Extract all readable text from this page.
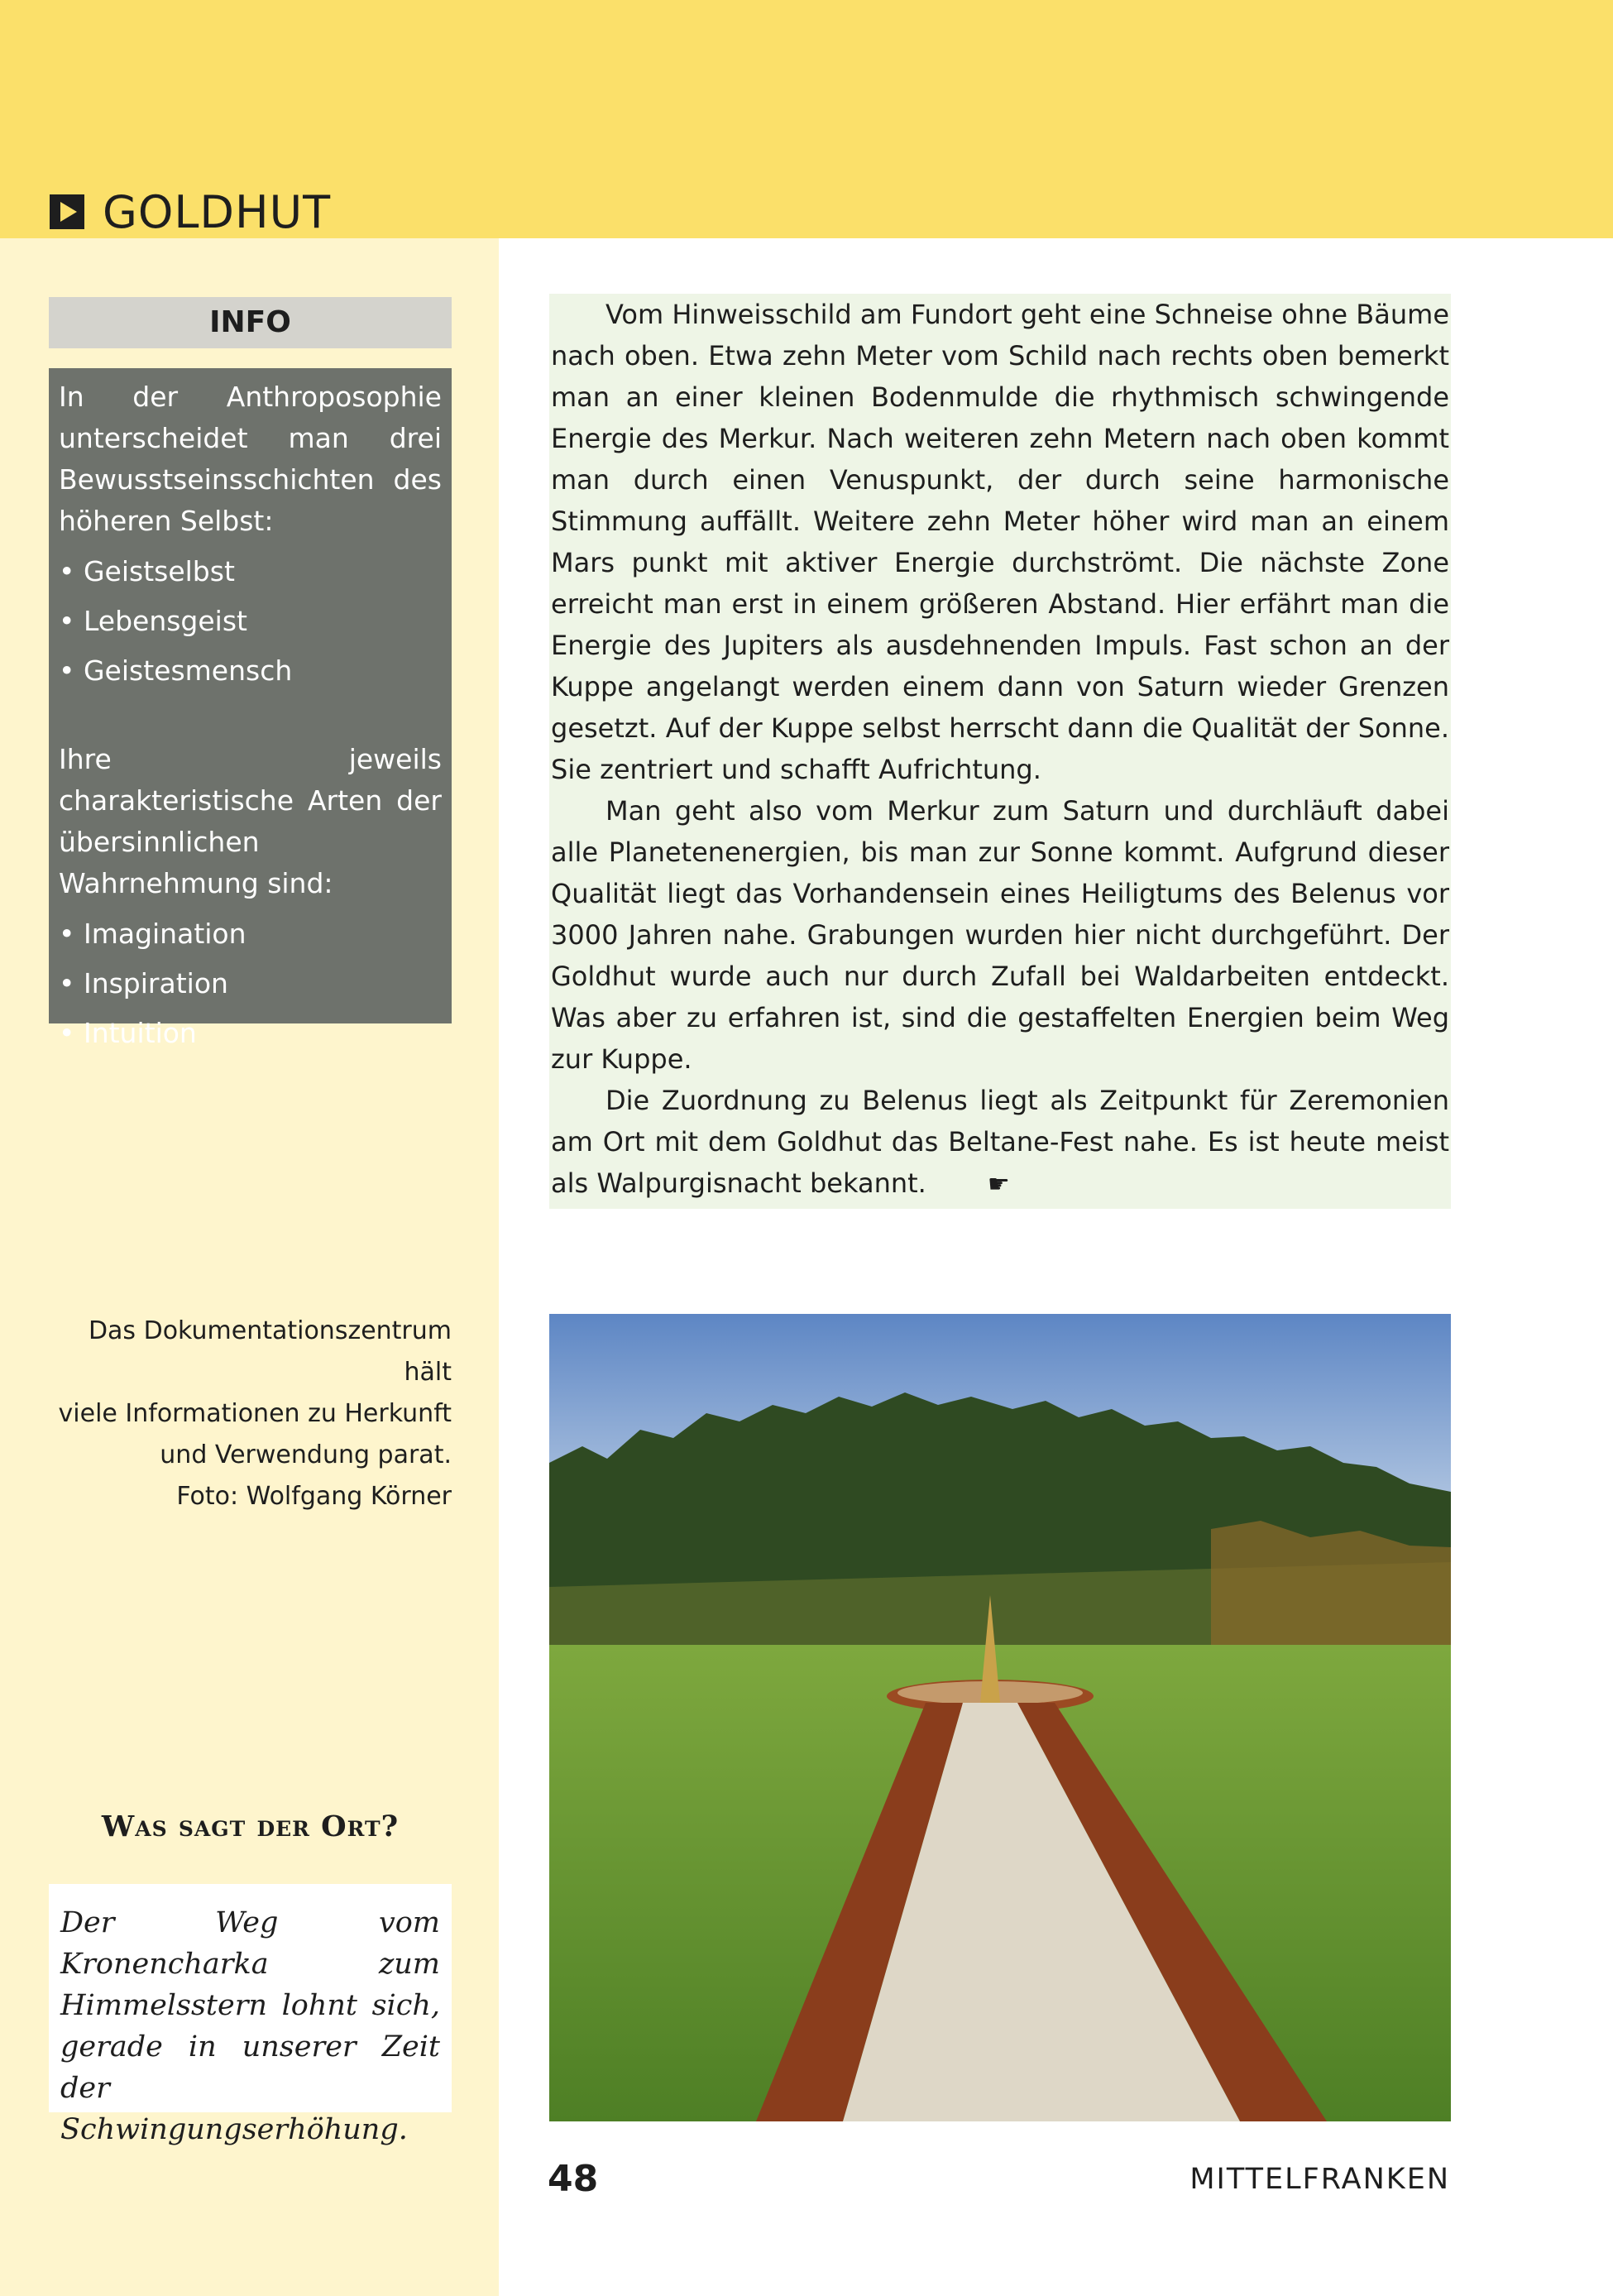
GOLDHUT
INFO

In der Anthroposophie unterscheidet man drei Bewusstseinsschichten des höheren Selbst:

• Geistselbst
• Lebensgeist
• Geistesmensch

Ihre jeweils charakteristische Arten der übersinnlichen Wahrnehmung sind:

• Imagination
• Inspiration
• Intuition
Das Dokumentationszentrum hält
viele Informationen zu Herkunft
und Verwendung parat.
Foto: Wolfgang Körner
Was sagt der Ort?

Der Weg vom Kronencharka zum Himmelsstern lohnt sich, gerade in unserer Zeit der Schwingungserhöhung.

Vom Hinweisschild am Fundort geht eine Schneise ohne Bäume nach oben. Etwa zehn Meter vom Schild nach rechts oben bemerkt man an einer kleinen Bodenmulde die rhythmisch schwingende Energie des Merkur. Nach weiteren zehn Metern nach oben kommt man durch einen Venuspunkt, der durch seine harmonische Stimmung auffällt. Weitere zehn Meter höher wird man an einem Mars punkt mit aktiver Energie durchströmt. Die nächste Zone erreicht man erst in einem größeren Abstand. Hier erfährt man die Energie des Jupiters als ausdehnenden Impuls. Fast schon an der Kuppe angelangt werden einem dann von Saturn wieder Grenzen gesetzt. Auf der Kuppe selbst herrscht dann die Qualität der Sonne. Sie zentriert und schafft Aufrichtung.

Man geht also vom Merkur zum Saturn und durchläuft dabei alle Planetenenergien, bis man zur Sonne kommt. Aufgrund dieser Qualität liegt das Vorhandensein eines Heiligtums des Belenus vor 3000 Jahren nahe. Grabungen wurden hier nicht durchgeführt. Der Goldhut wurde auch nur durch Zufall bei Waldarbeiten entdeckt. Was aber zu erfahren ist, sind die gestaffelten Energien beim Weg zur Kuppe.

Die Zuordnung zu Belenus liegt als Zeitpunkt für Zeremonien am Ort mit dem Goldhut das Beltane-Fest nahe. Es ist heute meist als Walpurgisnacht bekannt. ☛

48	MITTELFRANKEN
